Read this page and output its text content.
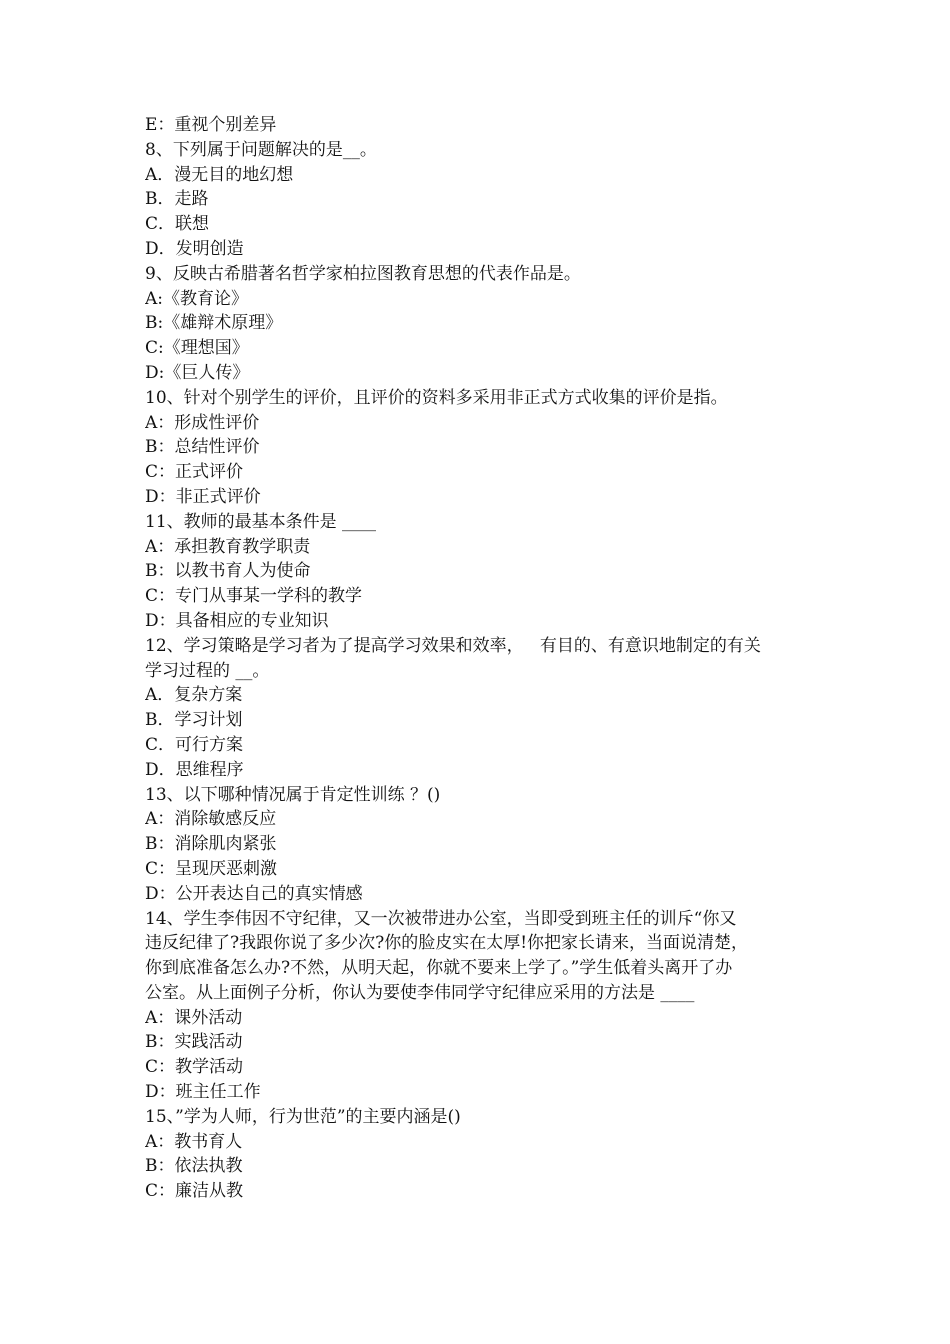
E：重视个别差异
8、下列属于问题解决的是__。
A．漫无目的地幻想
B．走路
C．联想
D．发明创造
9、反映古希腊著名哲学家柏拉图教育思想的代表作品是。
A:《教育论》
B:《雄辩术原理》
C:《理想国》
D:《巨人传》
10、针对个别学生的评价，且评价的资料多采用非正式方式收集的评价是指。
A：形成性评价
B：总结性评价
C：正式评价
D：非正式评价
11、教师的最基本条件是 ____
A：承担教育教学职责
B：以教书育人为使命
C：专门从事某一学科的教学
D：具备相应的专业知识
12、学习策略是学习者为了提高学习效果和效率，   有目的、有意识地制定的有关
学习过程的 __。
A．复杂方案
B．学习计划
C．可行方案
D．思维程序
13、以下哪种情况属于肯定性训练 ？()
A：消除敏感反应
B：消除肌肉紧张
C：呈现厌恶刺激
D：公开表达自己的真实情感
14、学生李伟因不守纪律，又一次被带进办公室，当即受到班主任的训斥“你又
违反纪律了?我跟你说了多少次?你的脸皮实在太厚!你把家长请来，当面说清楚，
你到底准备怎么办?不然，从明天起，你就不要来上学了。”学生低着头离开了办
公室。从上面例子分析，你认为要使李伟同学守纪律应采用的方法是 ____
A：课外活动
B：实践活动
C：教学活动
D：班主任工作
15、”学为人师，行为世范”的主要内涵是()
A：教书育人
B：依法执教
C：廉洁从教
